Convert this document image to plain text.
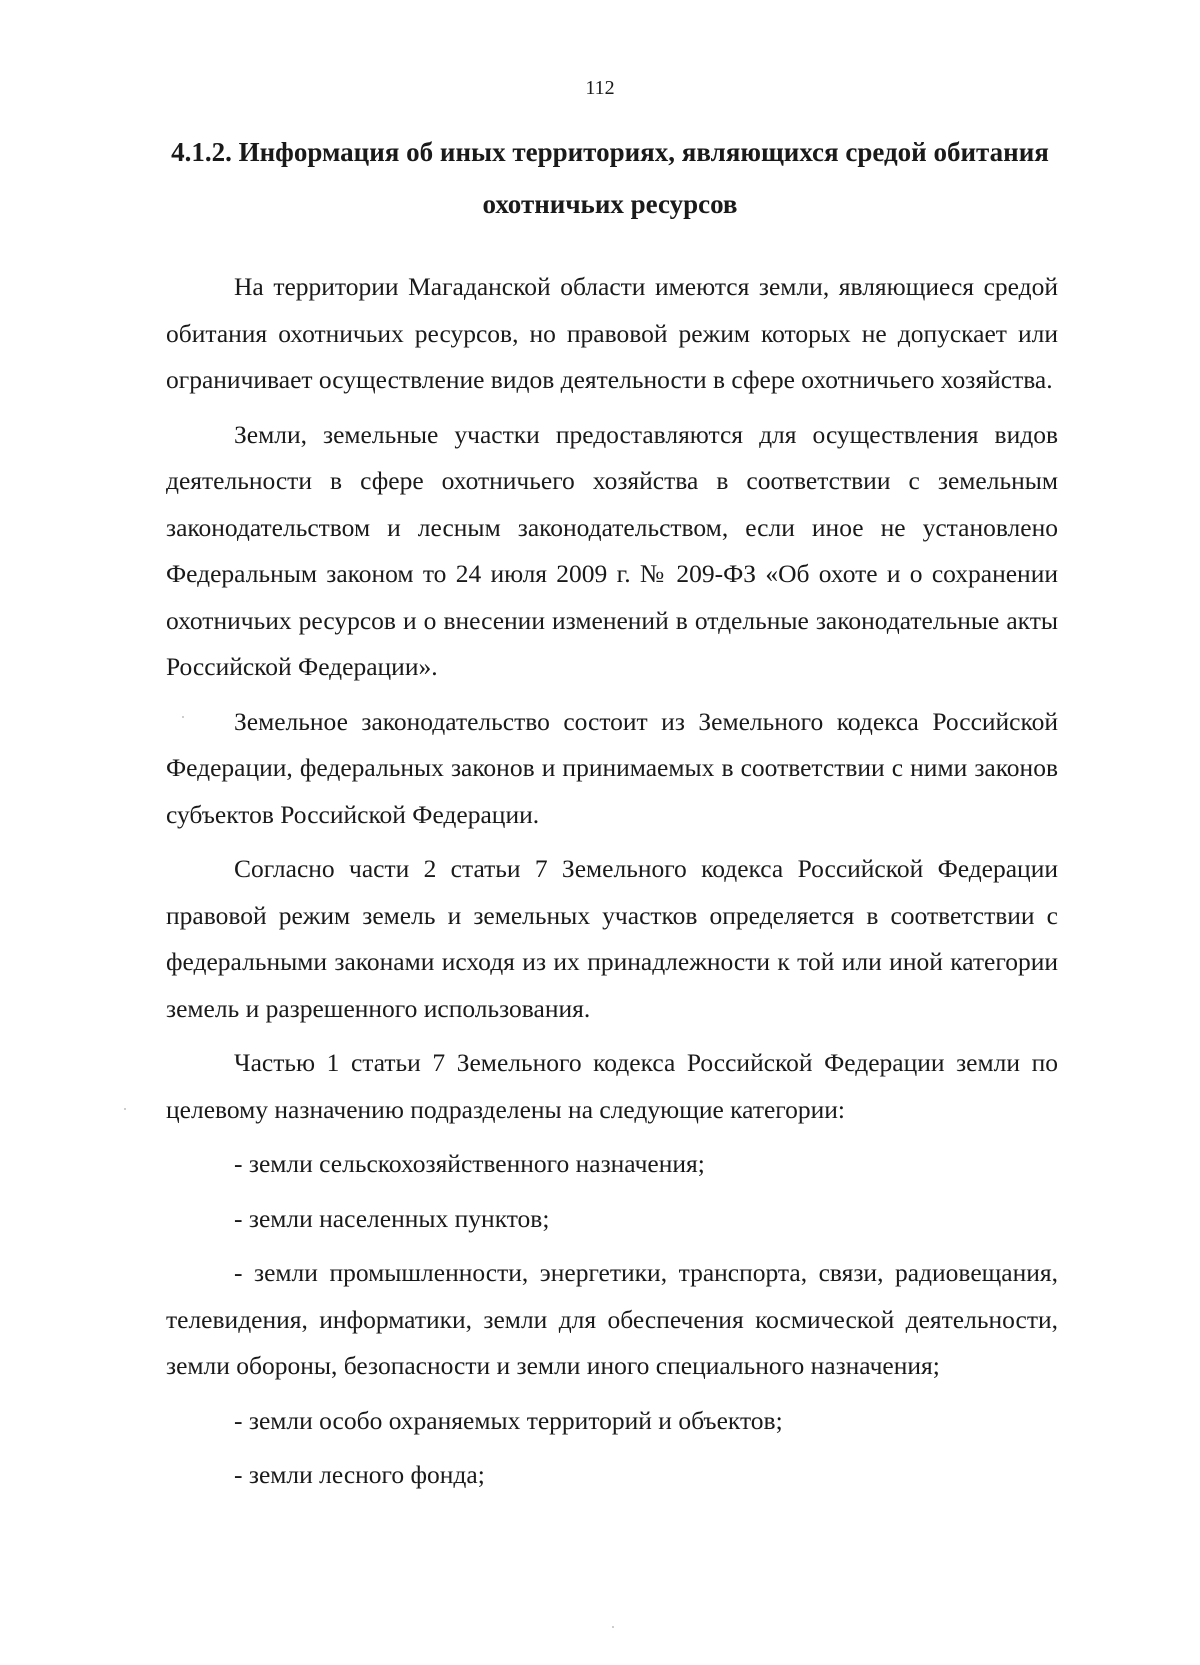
112
4.1.2. Информация об иных территориях, являющихся средой обитания охотничьих ресурсов

На территории Магаданской области имеются земли, являющиеся средой обитания охотничьих ресурсов, но правовой режим которых не допускает или ограничивает осуществление видов деятельности в сфере охотничьего хозяйства.

Земли, земельные участки предоставляются для осуществления видов деятельности в сфере охотничьего хозяйства в соответствии с земельным законодательством и лесным законодательством, если иное не установлено Федеральным законом то 24 июля 2009 г. № 209-ФЗ «Об охоте и о сохранении охотничьих ресурсов и о внесении изменений в отдельные законодательные акты Российской Федерации».

Земельное законодательство состоит из Земельного кодекса Российской Федерации, федеральных законов и принимаемых в соответствии с ними законов субъектов Российской Федерации.

Согласно части 2 статьи 7 Земельного кодекса Российской Федерации правовой режим земель и земельных участков определяется в соответствии с федеральными законами исходя из их принадлежности к той или иной категории земель и разрешенного использования.

Частью 1 статьи 7 Земельного кодекса Российской Федерации земли по целевому назначению подразделены на следующие категории:

- земли сельскохозяйственного назначения;

- земли населенных пунктов;

- земли промышленности, энергетики, транспорта, связи, радиовещания, телевидения, информатики, земли для обеспечения космической деятельности, земли обороны, безопасности и земли иного специального назначения;

- земли особо охраняемых территорий и объектов;

- земли лесного фонда;
